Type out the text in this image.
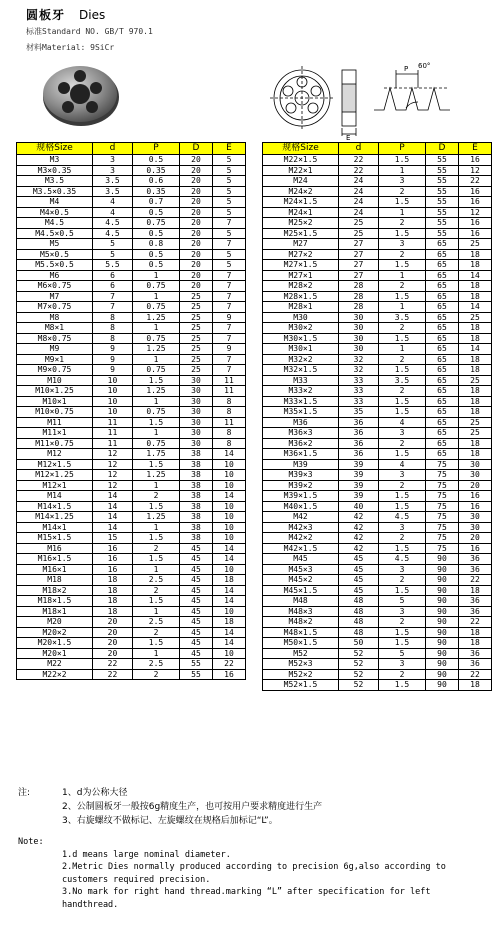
圆板牙 Dies
标准Standard NO. GB/T 970.1
材料Material: 9SiCr
E
P 60°
规格Size	d	P	D	E
M3	3	0.5	20	5
M3×0.35	3	0.35	20	5
M3.5	3.5	0.6	20	5
M3.5×0.35	3.5	0.35	20	5
M4	4	0.7	20	5
M4×0.5	4	0.5	20	5
M4.5	4.5	0.75	20	7
M4.5×0.5	4.5	0.5	20	5
M5	5	0.8	20	7
M5×0.5	5	0.5	20	5
M5.5×0.5	5.5	0.5	20	5
M6	6	1	20	7
M6×0.75	6	0.75	20	7
M7	7	1	25	7
M7×0.75	7	0.75	25	7
M8	8	1.25	25	9
M8×1	8	1	25	7
M8×0.75	8	0.75	25	7
M9	9	1.25	25	9
M9×1	9	1	25	7
M9×0.75	9	0.75	25	7
M10	10	1.5	30	11
M10×1.25	10	1.25	30	11
M10×1	10	1	30	8
M10×0.75	10	0.75	30	8
M11	11	1.5	30	11
M11×1	11	1	30	8
M11×0.75	11	0.75	30	8
M12	12	1.75	38	14
M12×1.5	12	1.5	38	10
M12×1.25	12	1.25	38	10
M12×1	12	1	38	10
M14	14	2	38	14
M14×1.5	14	1.5	38	10
M14×1.25	14	1.25	38	10
M14×1	14	1	38	10
M15×1.5	15	1.5	38	10
M16	16	2	45	14
M16×1.5	16	1.5	45	14
M16×1	16	1	45	10
M18	18	2.5	45	18
M18×2	18	2	45	14
M18×1.5	18	1.5	45	14
M18×1	18	1	45	10
M20	20	2.5	45	18
M20×2	20	2	45	14
M20×1.5	20	1.5	45	14
M20×1	20	1	45	10
M22	22	2.5	55	22
M22×2	22	2	55	16
规格Size	d	P	D	E
M22×1.5	22	1.5	55	16
M22×1	22	1	55	12
M24	24	3	55	22
M24×2	24	2	55	16
M24×1.5	24	1.5	55	16
M24×1	24	1	55	12
M25×2	25	2	55	16
M25×1.5	25	1.5	55	16
M27	27	3	65	25
M27×2	27	2	65	18
M27×1.5	27	1.5	65	18
M27×1	27	1	65	14
M28×2	28	2	65	18
M28×1.5	28	1.5	65	18
M28×1	28	1	65	14
M30	30	3.5	65	25
M30×2	30	2	65	18
M30×1.5	30	1.5	65	18
M30×1	30	1	65	14
M32×2	32	2	65	18
M32×1.5	32	1.5	65	18
M33	33	3.5	65	25
M33×2	33	2	65	18
M33×1.5	33	1.5	65	18
M35×1.5	35	1.5	65	18
M36	36	4	65	25
M36×3	36	3	65	25
M36×2	36	2	65	18
M36×1.5	36	1.5	65	18
M39	39	4	75	30
M39×3	39	3	75	30
M39×2	39	2	75	20
M39×1.5	39	1.5	75	16
M40×1.5	40	1.5	75	16
M42	42	4.5	75	30
M42×3	42	3	75	30
M42×2	42	2	75	20
M42×1.5	42	1.5	75	16
M45	45	4.5	90	36
M45×3	45	3	90	36
M45×2	45	2	90	22
M45×1.5	45	1.5	90	18
M48	48	5	90	36
M48×3	48	3	90	36
M48×2	48	2	90	22
M48×1.5	48	1.5	90	18
M50×1.5	50	1.5	90	18
M52	52	5	90	36
M52×3	52	3	90	36
M52×2	52	2	90	22
M52×1.5	52	1.5	90	18
注:	1、d为公称大径
2、公制圆板牙一般按6g精度生产，也可按用户要求精度进行生产
3、右旋螺纹不做标记、左旋螺纹在规格后加标记“L”。
Note:
1.d means large nominal diameter.
2.Metric Dies normally produced according to precision 6g,also according to customers required precision.
3.No mark for right hand thread.marking “L” after specification for left handthread.
